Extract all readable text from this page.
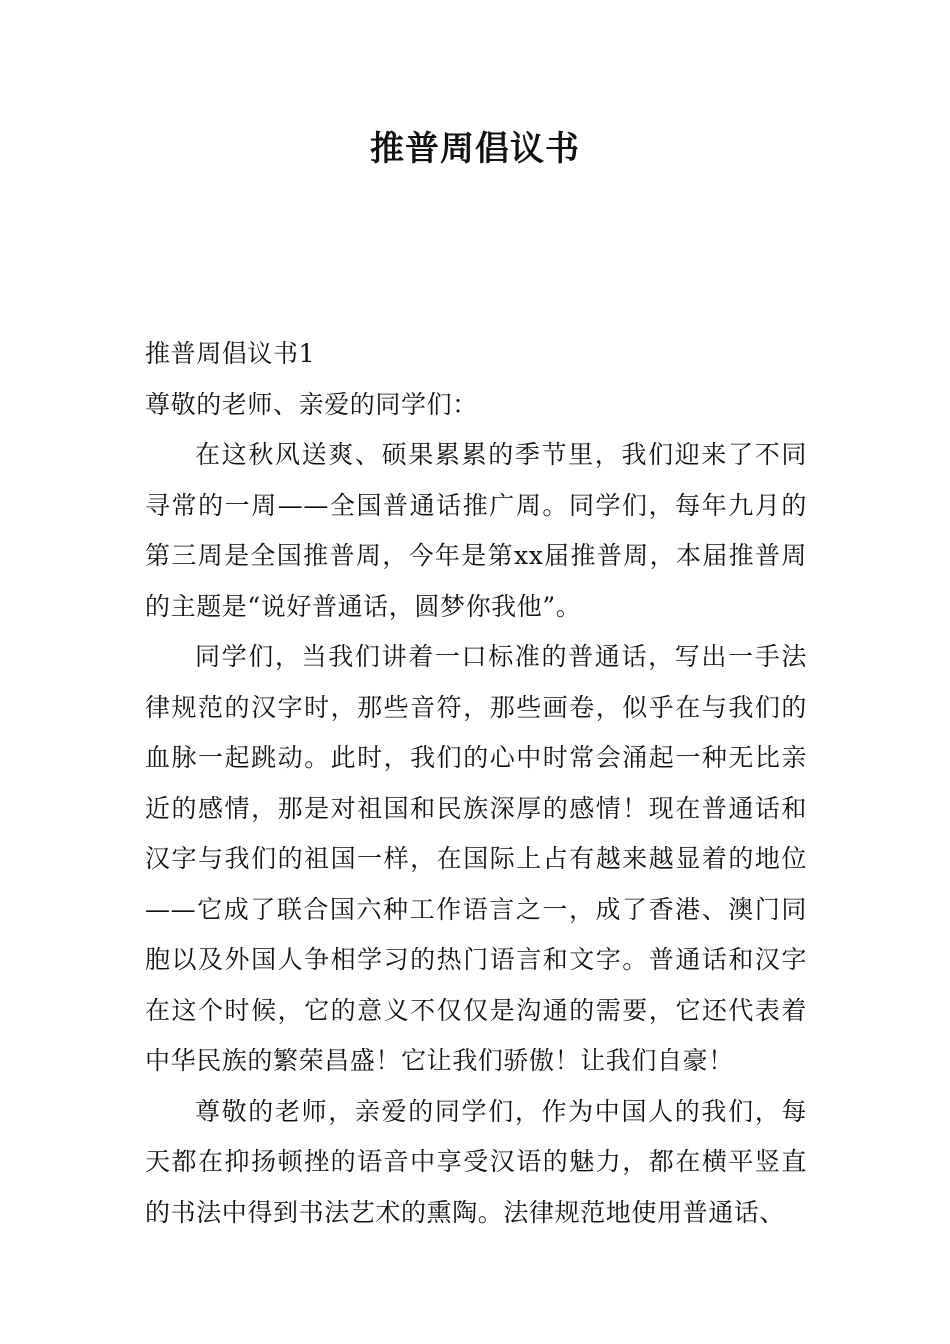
推普周倡议书

推普周倡议书1

尊敬的老师、亲爱的同学们：

在这秋风送爽、硕果累累的季节里，我们迎来了不同寻常的一周——全国普通话推广周。同学们，每年九月的第三周是全国推普周，今年是第xx届推普周，本届推普周的主题是“说好普通话，圆梦你我他”。

同学们，当我们讲着一口标准的普通话，写出一手法律规范的汉字时，那些音符，那些画卷，似乎在与我们的血脉一起跳动。此时，我们的心中时常会涌起一种无比亲近的感情，那是对祖国和民族深厚的感情！现在普通话和汉字与我们的祖国一样，在国际上占有越来越显着的地位——它成了联合国六种工作语言之一，成了香港、澳门同胞以及外国人争相学习的热门语言和文字。普通话和汉字在这个时候，它的意义不仅仅是沟通的需要，它还代表着中华民族的繁荣昌盛！它让我们骄傲！让我们自豪！

尊敬的老师，亲爱的同学们，作为中国人的我们，每天都在抑扬顿挫的语音中享受汉语的魅力，都在横平竖直的书法中得到书法艺术的熏陶。法律规范地使用普通话、
